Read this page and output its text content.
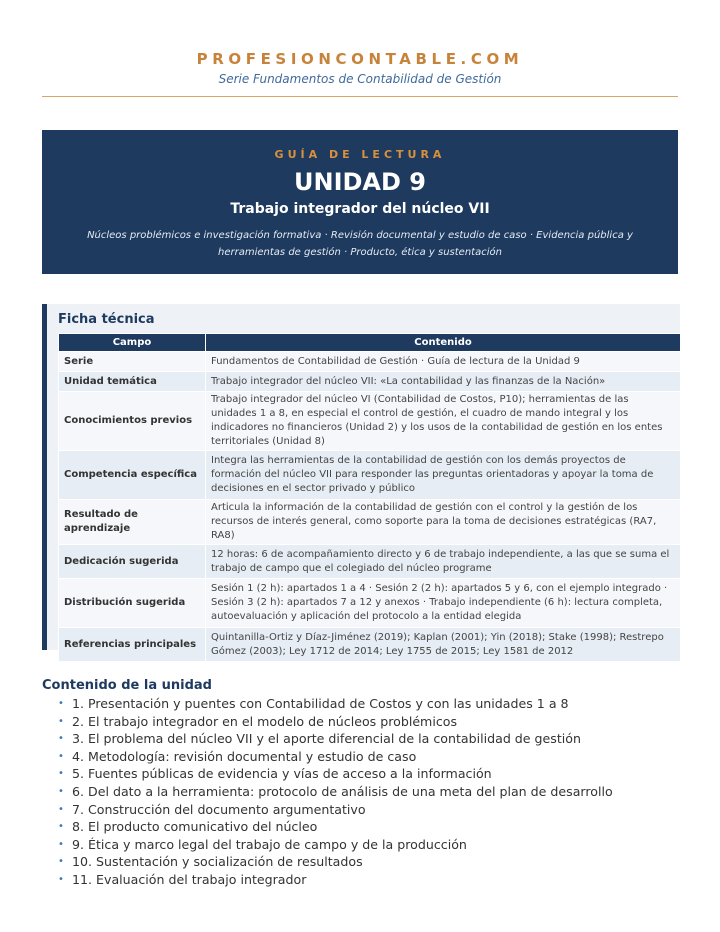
PROFESIONCONTABLE.COM
Serie Fundamentos de Contabilidad de Gestión
GUÍA DE LECTURA
UNIDAD 9
Trabajo integrador del núcleo VII
Núcleos problémicos e investigación formativa · Revisión documental y estudio de caso · Evidencia pública y herramientas de gestión · Producto, ética y sustentación
Ficha técnica
Campo	Contenido
Serie	Fundamentos de Contabilidad de Gestión · Guía de lectura de la Unidad 9
Unidad temática	Trabajo integrador del núcleo VII: «La contabilidad y las finanzas de la Nación»
Conocimientos previos	Trabajo integrador del núcleo VI (Contabilidad de Costos, P10); herramientas de las unidades 1 a 8, en especial el control de gestión, el cuadro de mando integral y los indicadores no financieros (Unidad 2) y los usos de la contabilidad de gestión en los entes territoriales (Unidad 8)
Competencia específica	Integra las herramientas de la contabilidad de gestión con los demás proyectos de formación del núcleo VII para responder las preguntas orientadoras y apoyar la toma de decisiones en el sector privado y público
Resultado de aprendizaje	Articula la información de la contabilidad de gestión con el control y la gestión de los recursos de interés general, como soporte para la toma de decisiones estratégicas (RA7, RA8)
Dedicación sugerida	12 horas: 6 de acompañamiento directo y 6 de trabajo independiente, a las que se suma el trabajo de campo que el colegiado del núcleo programe
Distribución sugerida	Sesión 1 (2 h): apartados 1 a 4 · Sesión 2 (2 h): apartados 5 y 6, con el ejemplo integrado · Sesión 3 (2 h): apartados 7 a 12 y anexos · Trabajo independiente (6 h): lectura completa, autoevaluación y aplicación del protocolo a la entidad elegida
Referencias principales	Quintanilla-Ortiz y Díaz-Jiménez (2019); Kaplan (2001); Yin (2018); Stake (1998); Restrepo Gómez (2003); Ley 1712 de 2014; Ley 1755 de 2015; Ley 1581 de 2012
Contenido de la unidad
• 1. Presentación y puentes con Contabilidad de Costos y con las unidades 1 a 8
• 2. El trabajo integrador en el modelo de núcleos problémicos
• 3. El problema del núcleo VII y el aporte diferencial de la contabilidad de gestión
• 4. Metodología: revisión documental y estudio de caso
• 5. Fuentes públicas de evidencia y vías de acceso a la información
• 6. Del dato a la herramienta: protocolo de análisis de una meta del plan de desarrollo
• 7. Construcción del documento argumentativo
• 8. El producto comunicativo del núcleo
• 9. Ética y marco legal del trabajo de campo y de la producción
• 10. Sustentación y socialización de resultados
• 11. Evaluación del trabajo integrador
